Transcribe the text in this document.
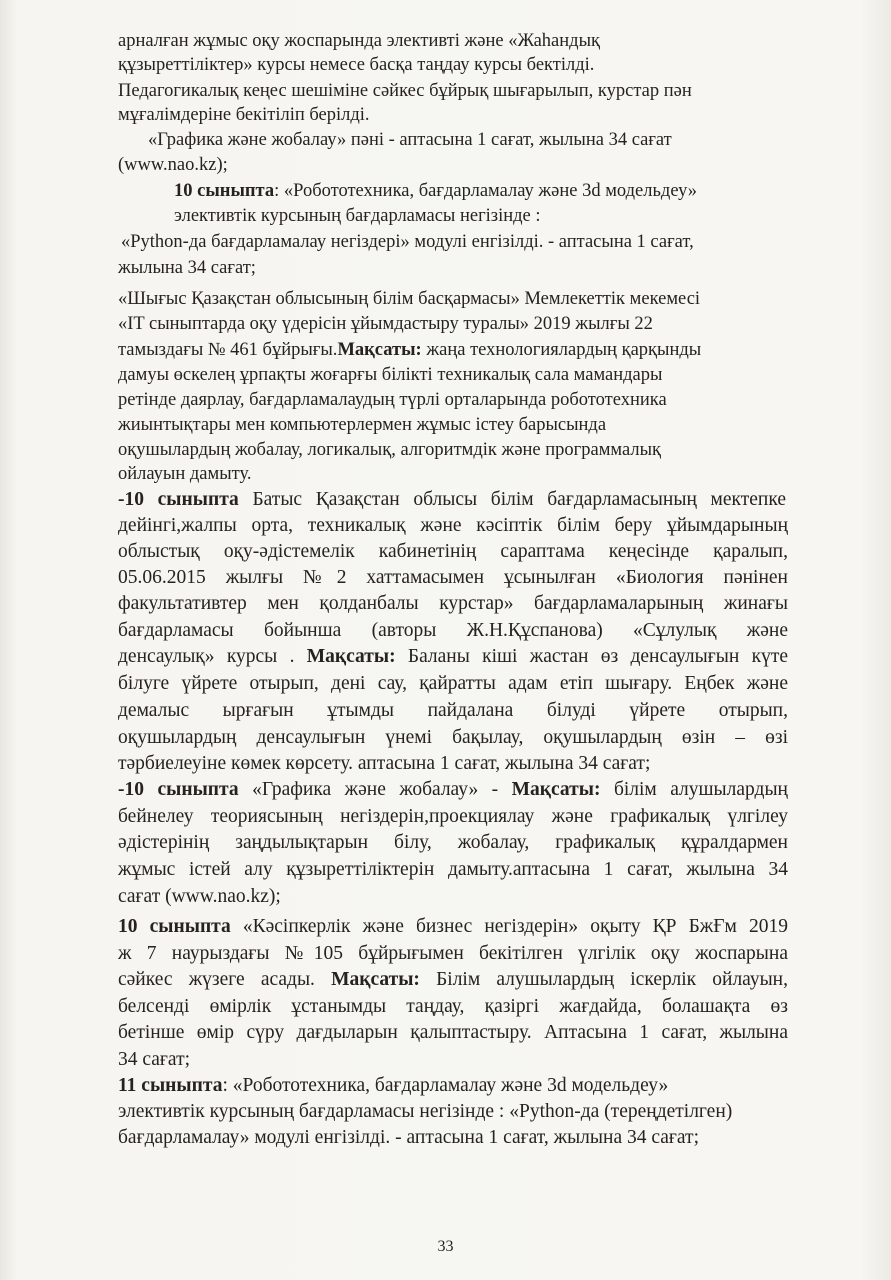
арналған жұмыс оқу жоспарында элективті және «Жаһандық
құзыреттіліктер» курсы немесе басқа таңдау курсы бектілді.
Педагогикалық кеңес шешіміне сәйкес бұйрық шығарылып, курстар пән
мұғалімдеріне бекітіліп берілді.
«Графика және жобалау» пәні - аптасына 1 сағат, жылына 34 сағат
(www.nao.kz);
10 сыныпта: «Робототехника, бағдарламалау және 3d модельдеу»
элективтік курсының бағдарламасы негізінде :
«Python-да бағдарламалау негіздері» модулі енгізілді. - аптасына 1 сағат,
жылына 34 сағат;
«Шығыс Қазақстан облысының білім басқармасы» Мемлекеттік мекемесі
«IT сыныптарда оқу үдерісін ұйымдастыру туралы» 2019 жылғы 22
тамыздағы № 461 бұйрығы.Мақсаты: жаңа технологиялардың қарқынды
дамуы өскелең ұрпақты жоғарғы білікті техникалық сала мамандары
ретінде даярлау, бағдарламалаудың түрлі орталарында робототехника
жиынтықтары мен компьютерлермен жұмыс істеу барысында
оқушылардың жобалау, логикалық, алгоритмдік және программалық
ойлауын дамыту.
-10 сыныпта Батыс Қазақстан облысы білім бағдарламасының мектепке
дейінгі,жалпы орта, техникалық және кәсіптік білім беру ұйымдарының
облыстық оқу-әдістемелік кабинетінің сараптама кеңесінде қаралып,
05.06.2015 жылғы №2 хаттамасымен ұсынылған «Биология пәнінен
факультативтер мен қолданбалы курстар» бағдарламаларының жинағы
бағдарламасы бойынша (авторы Ж.Н.Құспанова) «Сұлулық және
денсаулық» курсы . Мақсаты: Баланы кіші жастан өз денсаулығын күте
білуге үйрете отырып, дені сау, қайратты адам етіп шығару. Еңбек және
демалыс ырғағын ұтымды пайдалана білуді үйрете отырып,
оқушылардың денсаулығын үнемі бақылау, оқушылардың өзін – өзі
тәрбиелеуіне көмек көрсету. аптасына 1 сағат, жылына 34 сағат;
-10 сыныпта «Графика және жобалау» - Мақсаты: білім алушылардың
бейнелеу теориясының негіздерін,проекциялау және графикалық үлгілеу
әдістерінің заңдылықтарын білу, жобалау, графикалық құралдармен
жұмыс істей алу құзыреттіліктерін дамыту.аптасына 1 сағат, жылына 34
сағат (www.nao.kz);
10 сыныпта «Кәсіпкерлік және бизнес негіздерін» оқыту ҚР БжҒм 2019
ж 7 наурыздағы №105 бұйрығымен бекітілген үлгілік оқу жоспарына
сәйкес жүзеге асады. Мақсаты: Білім алушылардың іскерлік ойлауын,
белсенді өмірлік ұстанымды таңдау, қазіргі жағдайда, болашақта өз
бетінше өмір сүру дағдыларын қалыптастыру. Аптасына 1 сағат, жылына
34 сағат;
11 сыныпта: «Робототехника, бағдарламалау және 3d модельдеу»
элективтік курсының бағдарламасы негізінде : «Python-да (тереңдетілген)
бағдарламалау» модулі енгізілді. - аптасына 1 сағат, жылына 34 сағат;
33
